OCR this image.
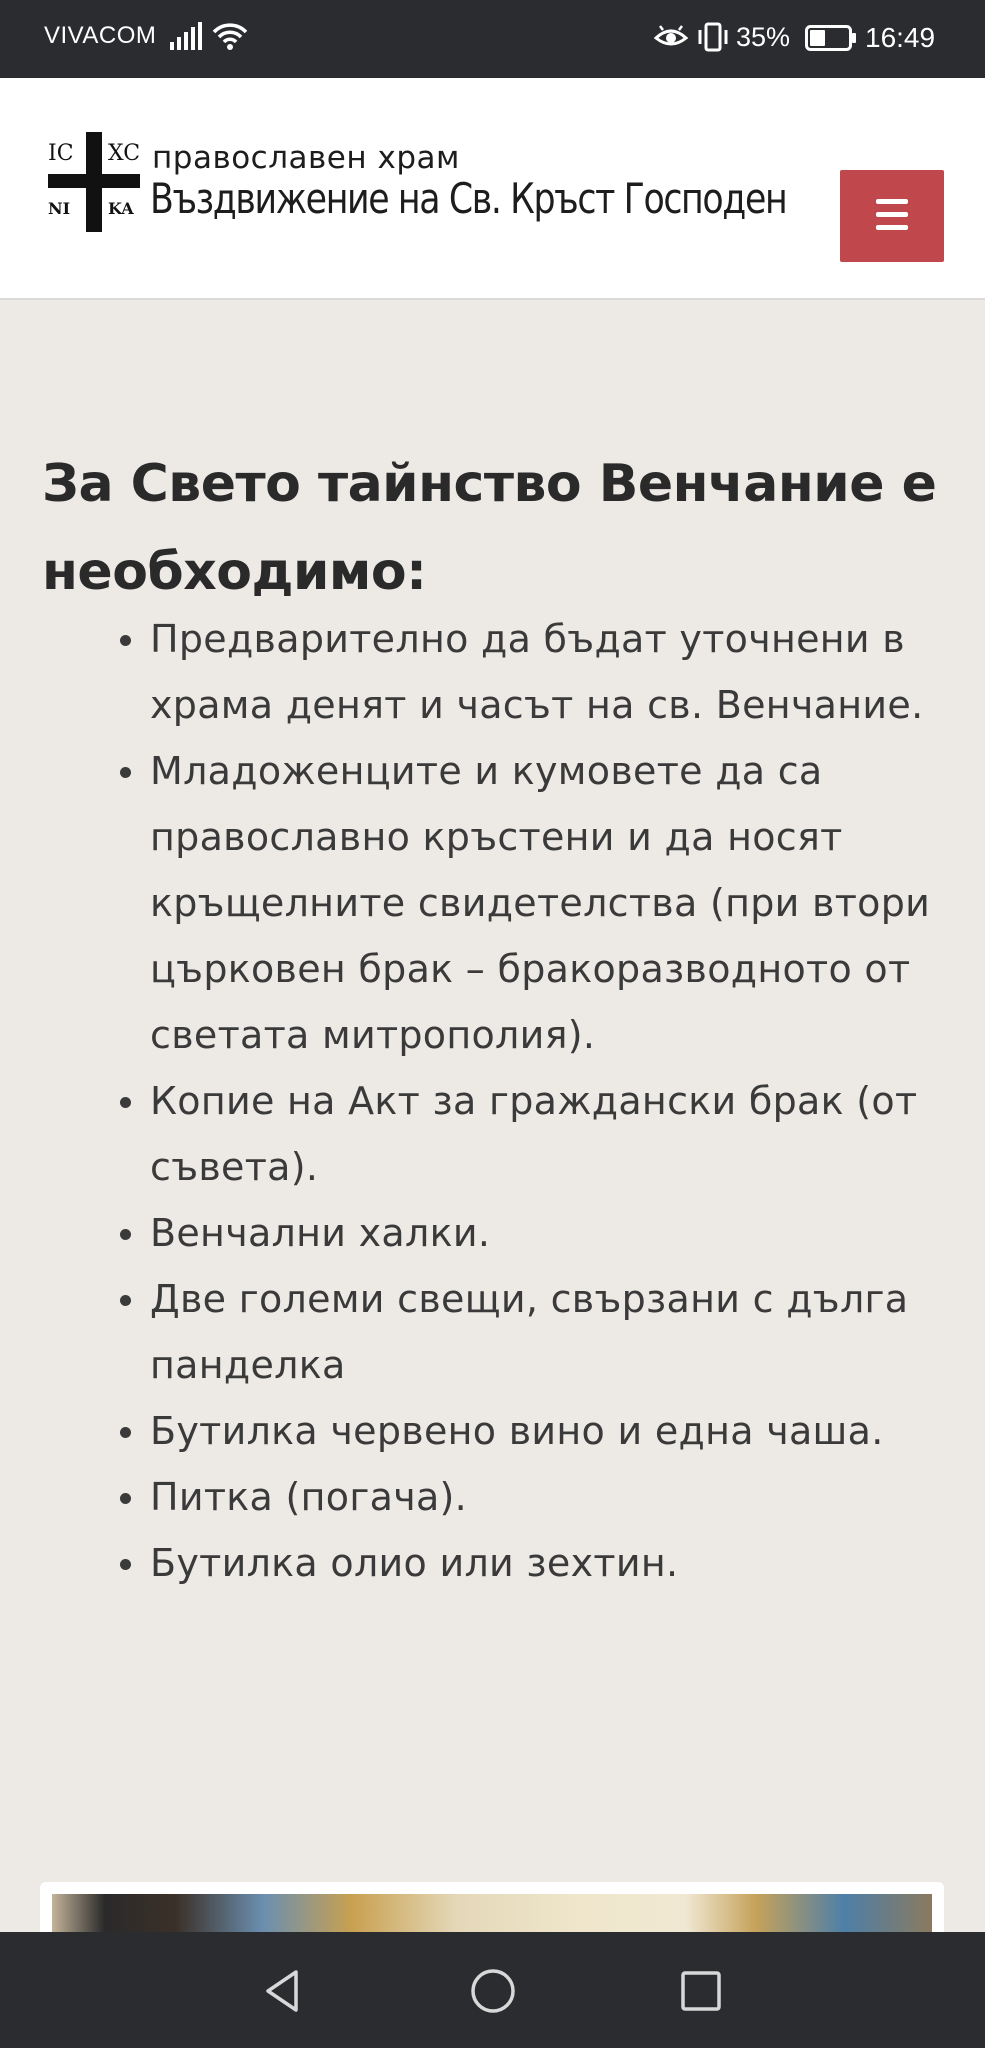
VIVACOM	35%	16:49
IC XC
NI KA
православен храм
Въздвижение на Св. Кръст Господен
За Свето тайнство Венчание е необходимо:
Предварително да бъдат уточнени в храма денят и часът на св. Венчание.
Младоженците и кумовете да са православно кръстени и да носят кръщелните свидетелства (при втори църковен брак – бракоразводното от светата митрополия).
Копие на Акт за граждански брак (от съвета).
Венчални халки.
Две големи свещи, свързани с дълга панделка
Бутилка червено вино и една чаша.
Питка (погача).
Бутилка олио или зехтин.
